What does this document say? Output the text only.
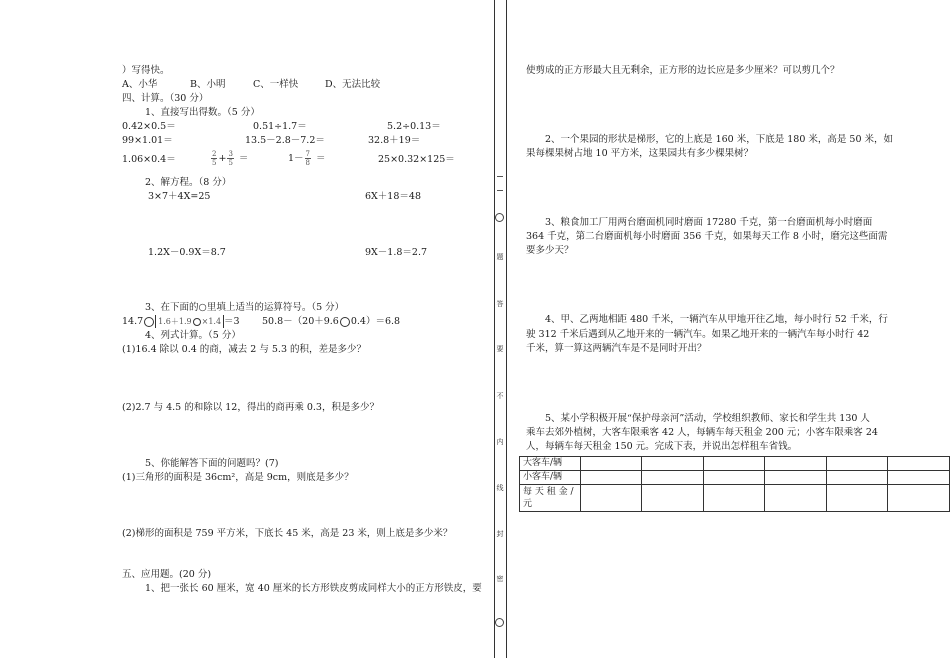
）写得快。
A、小华	B、小明	C、一样快	D、无法比较
四、计算。（30 分）
1、直接写出得数。（5 分）
0.42×0.5＝	0.51÷1.7＝	5.2÷0.13＝
99×1.01＝	13.5－2.8－7.2＝	32.8＋19＝
1.06×0.4＝	$\frac{2}{5} + \frac{3}{5}$ ＝	$1- \frac{7}{8}$ ＝	25×0.32×125＝
2、解方程。（8 分）
3×7＋4X=25	6X＋18＝48
1.2X－0.9X＝8.7	9X－1.8＝2.7
3、在下面的○里填上适当的运算符号。（5 分）
14.7 1.6＋1.9 ×1.4 ＝3 50.8－（20＋9.6 0.4）＝6.8
4、列式计算。（5 分）
(1)16.4 除以 0.4 的商，减去 2 与 5.3 的积，差是多少？
(2)2.7 与 4.5 的和除以 12，得出的商再乘 0.3，积是多少？
5、你能解答下面的问题吗？(7)
(1)三角形的面积是 36cm²，高是 9cm，则底是多少？
(2)梯形的面积是 759 平方米，下底长 45 米，高是 23 米，则上底是多少米？
五、应用题。(20 分)
1、把一张长 60 厘米，宽 40 厘米的长方形铁皮剪成同样大小的正方形铁皮，要
题
答
要
不
内
线
封
密
使剪成的正方形最大且无剩余，正方形的边长应是多少厘米？可以剪几个？
2、一个果园的形状是梯形，它的上底是 160 米，下底是 180 米，高是 50 米，如
果每棵果树占地 10 平方米，这果园共有多少棵果树？
3、粮食加工厂用两台磨面机同时磨面 17280 千克，第一台磨面机每小时磨面
364 千克，第二台磨面机每小时磨面 356 千克，如果每天工作 8 小时，磨完这些面需
要多少天？
4、甲、乙两地相距 480 千米，一辆汽车从甲地开往乙地，每小时行 52 千米，行
驶 312 千米后遇到从乙地开来的一辆汽车。如果乙地开来的一辆汽车每小时行 42
千米，算一算这两辆汽车是不是同时开出？
5、某小学积极开展“保护母亲河”活动，学校组织教师、家长和学生共 130 人
乘车去郊外植树，大客车限乘客 42 人，每辆车每天租金 200 元；小客车限乘客 24
人，每辆车每天租金 150 元。完成下表，并说出怎样租车省钱。
大客车/辆						
小客车/辆						
每 天 租 金 /元						
